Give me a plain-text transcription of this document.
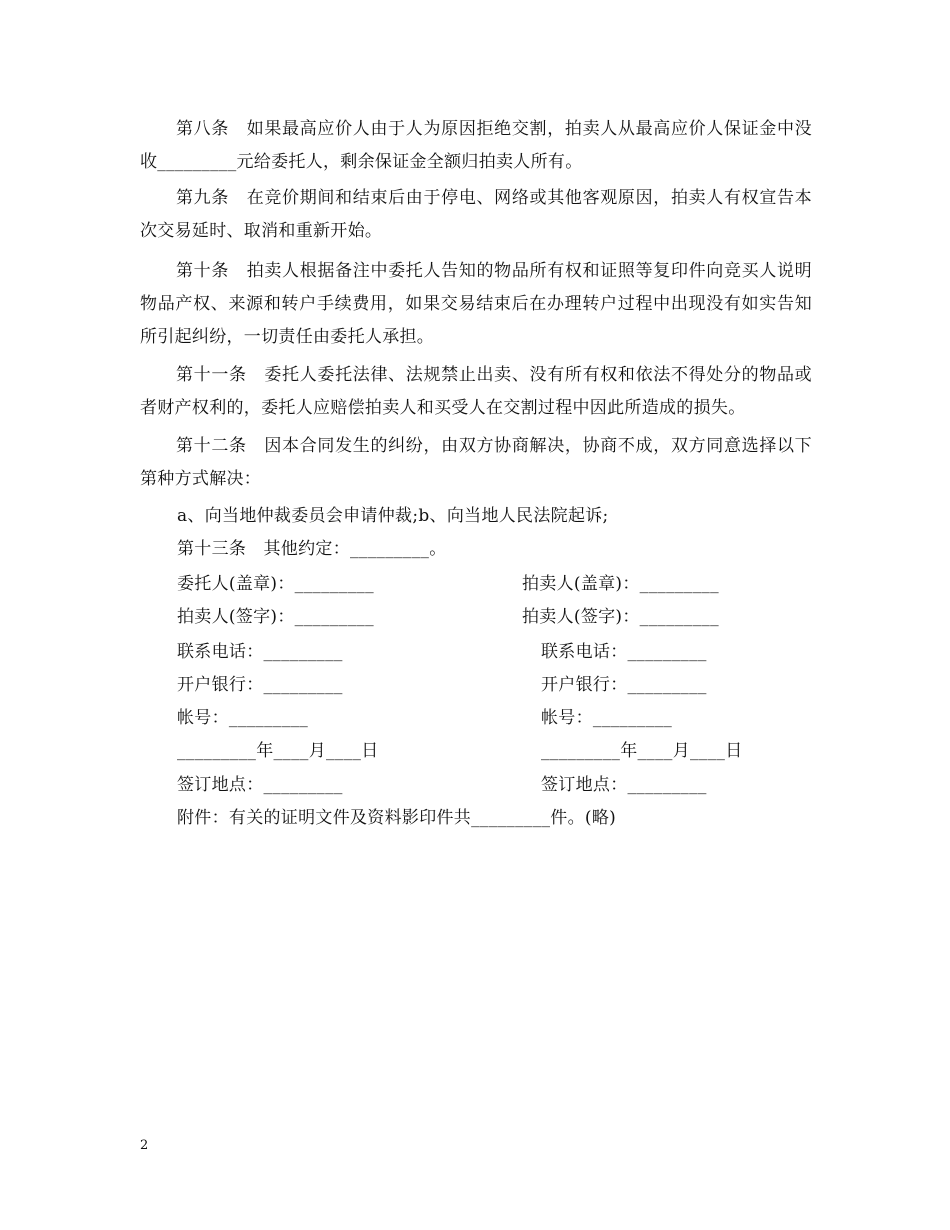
第八条　如果最高应价人由于人为原因拒绝交割，拍卖人从最高应价人保证金中没收_________元给委托人，剩余保证金全额归拍卖人所有。

第九条　在竞价期间和结束后由于停电、网络或其他客观原因，拍卖人有权宣告本次交易延时、取消和重新开始。

第十条　拍卖人根据备注中委托人告知的物品所有权和证照等复印件向竞买人说明物品产权、来源和转户手续费用，如果交易结束后在办理转户过程中出现没有如实告知所引起纠纷，一切责任由委托人承担。

第十一条　委托人委托法律、法规禁止出卖、没有所有权和依法不得处分的物品或者财产权利的，委托人应赔偿拍卖人和买受人在交割过程中因此所造成的损失。

第十二条　因本合同发生的纠纷，由双方协商解决，协商不成，双方同意选择以下第种方式解决：

a、向当地仲裁委员会申请仲裁;b、向当地人民法院起诉;
第十三条　其他约定：_________。
委托人(盖章)：_________	拍卖人(盖章)：_________
拍卖人(签字)：_________	拍卖人(签字)：_________
联系电话：_________	联系电话：_________
开户银行：_________	开户银行：_________
帐号：_________	帐号：_________
_________年____月____日	_________年____月____日
签订地点：_________	签订地点：_________
附件：有关的证明文件及资料影印件共_________件。(略)
2
